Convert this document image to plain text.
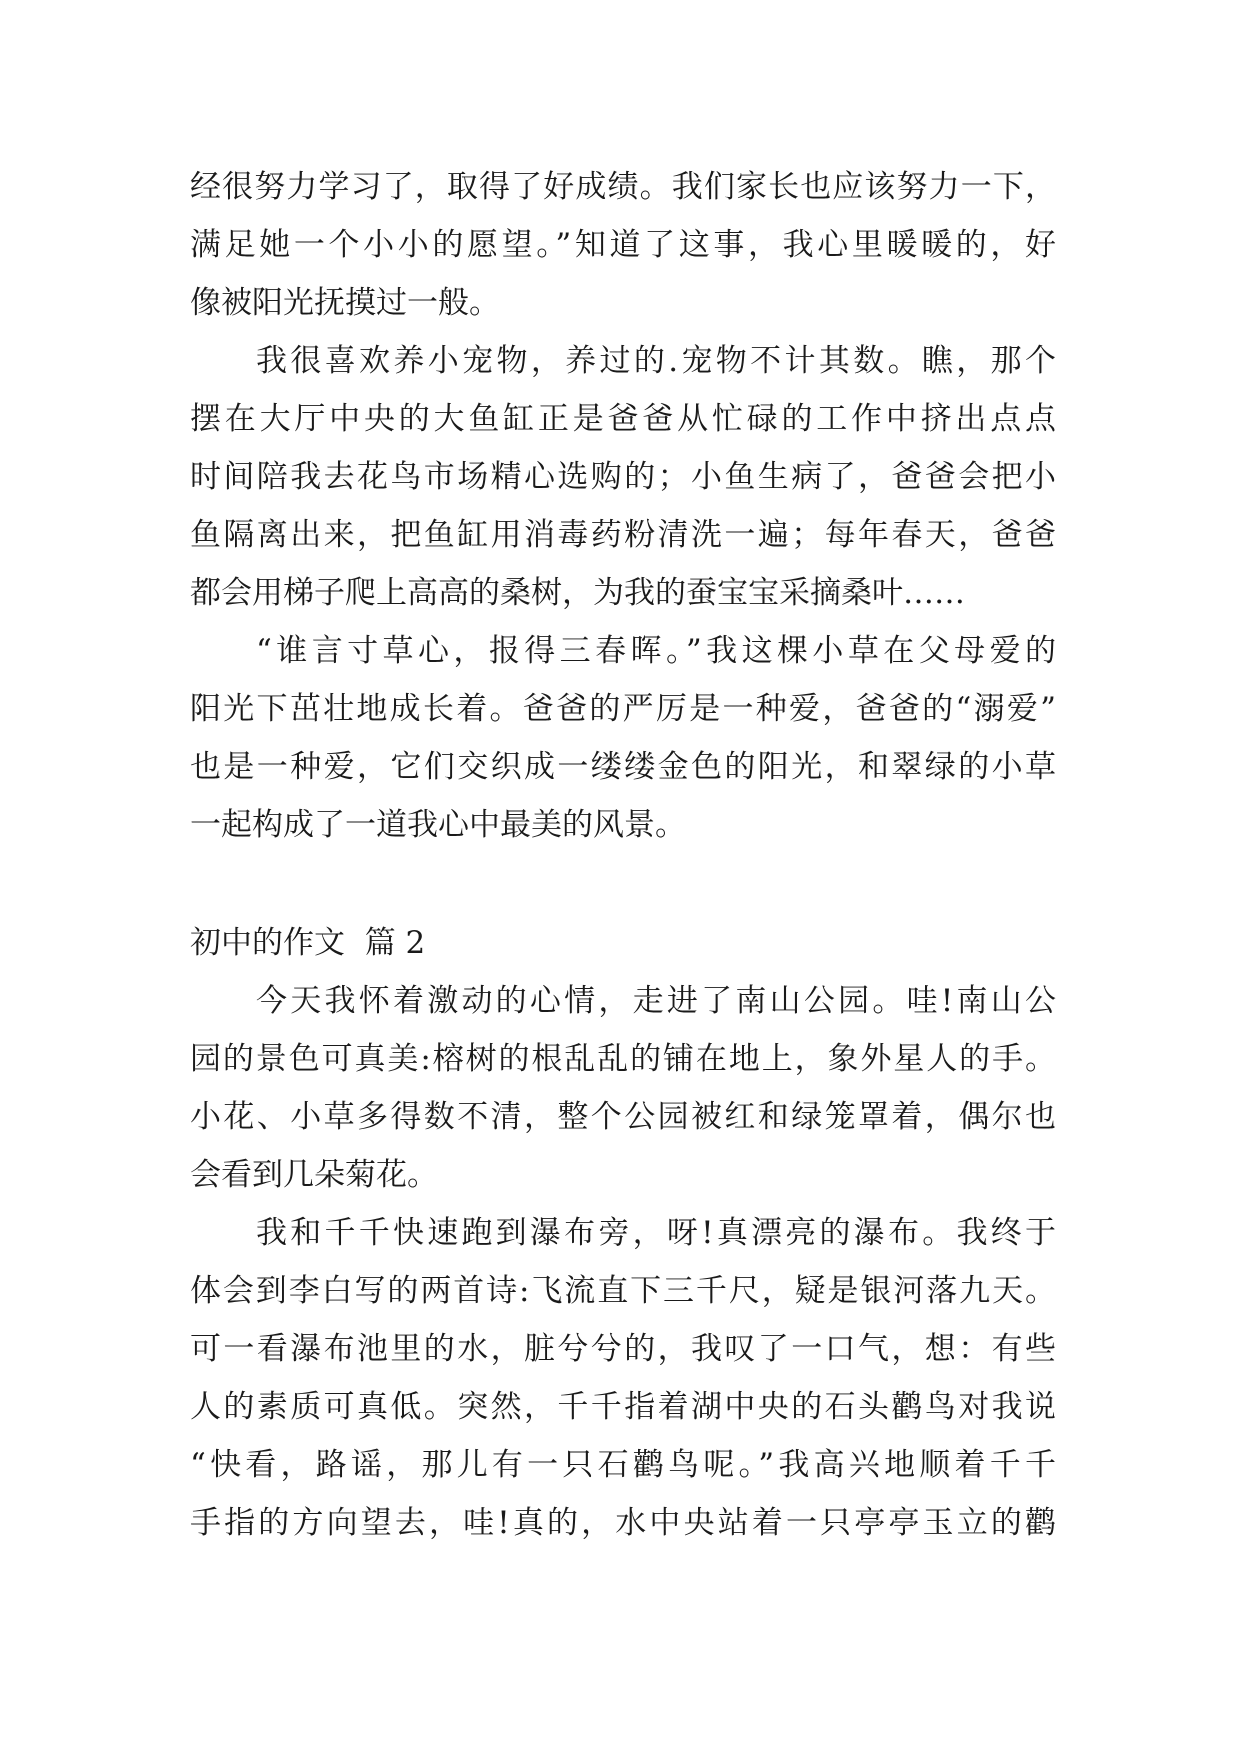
经很努力学习了，取得了好成绩。我们家长也应该努力一下，
满足她一个小小的愿望。”知道了这事，我心里暖暖的，好
像被阳光抚摸过一般。
我很喜欢养小宠物，养过的.宠物不计其数。瞧，那个
摆在大厅中央的大鱼缸正是爸爸从忙碌的工作中挤出点点
时间陪我去花鸟市场精心选购的；小鱼生病了，爸爸会把小
鱼隔离出来，把鱼缸用消毒药粉清洗一遍；每年春天，爸爸
都会用梯子爬上高高的桑树，为我的蚕宝宝采摘桑叶……
“谁言寸草心，报得三春晖。”我这棵小草在父母爱的
阳光下茁壮地成长着。爸爸的严厉是一种爱，爸爸的“溺爱”
也是一种爱，它们交织成一缕缕金色的阳光，和翠绿的小草
一起构成了一道我心中最美的风景。
初中的作文  篇 2
今天我怀着激动的心情，走进了南山公园。哇!南山公
园的景色可真美:榕树的根乱乱的铺在地上，象外星人的手。
小花、小草多得数不清，整个公园被红和绿笼罩着，偶尔也
会看到几朵菊花。
我和千千快速跑到瀑布旁，呀!真漂亮的瀑布。我终于
体会到李白写的两首诗:飞流直下三千尺，疑是银河落九天。
可一看瀑布池里的水，脏兮兮的，我叹了一口气，想：有些
人的素质可真低。突然，千千指着湖中央的石头鹳鸟对我说
“快看，路谣，那儿有一只石鹳鸟呢。”我高兴地顺着千千
手指的方向望去，哇!真的，水中央站着一只亭亭玉立的鹳
